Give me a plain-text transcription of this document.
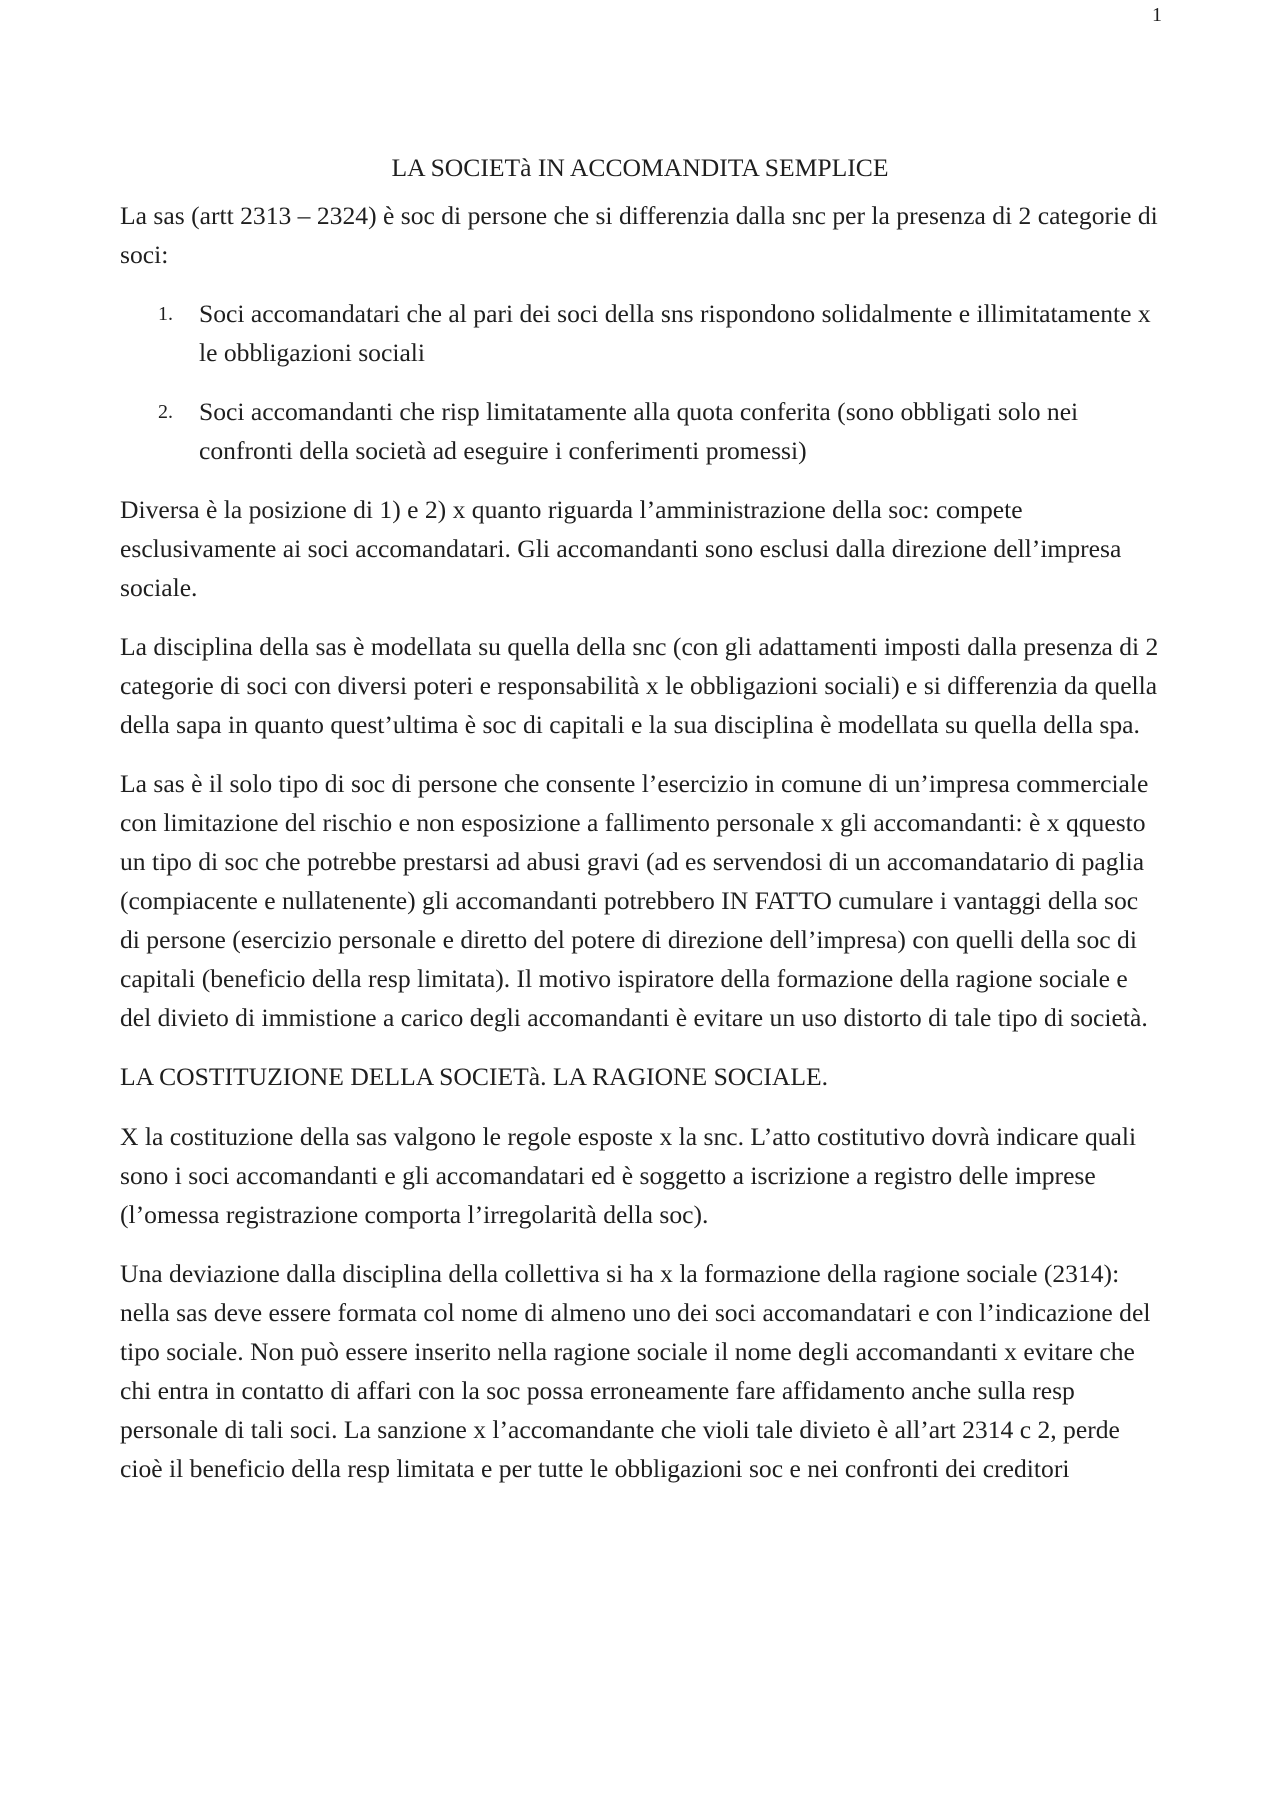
1
LA SOCIETà IN ACCOMANDITA SEMPLICE

La sas (artt 2313 – 2324) è soc di persone che si differenzia dalla snc per la presenza di 2 categorie di soci:

1. Soci accomandatari che al pari dei soci della sns rispondono solidalmente e illimitatamente x le obbligazioni sociali
2. Soci accomandanti che risp limitatamente alla quota conferita (sono obbligati solo nei confronti della società ad eseguire i conferimenti promessi)

Diversa è la posizione di 1) e 2) x quanto riguarda l’amministrazione della soc: compete esclusivamente ai soci accomandatari. Gli accomandanti sono esclusi dalla direzione dell’impresa sociale.

La disciplina della sas è modellata su quella della snc (con gli adattamenti imposti dalla presenza di 2 categorie di soci con diversi poteri e responsabilità x le obbligazioni sociali) e si differenzia da quella della sapa in quanto quest’ultima è soc di capitali e la sua disciplina è modellata su quella della spa.

La sas è il solo tipo di soc di persone che consente l’esercizio in comune di un’impresa commerciale con limitazione del rischio e non esposizione a fallimento personale x gli accomandanti: è x qquesto un tipo di soc che potrebbe prestarsi ad abusi gravi (ad es servendosi di un accomandatario di paglia (compiacente e nullatenente) gli accomandanti potrebbero IN FATTO cumulare i vantaggi della soc di persone (esercizio personale e diretto del potere di direzione dell’impresa) con quelli della soc di capitali (beneficio della resp limitata). Il motivo ispiratore della formazione della ragione sociale e del divieto di immistione a carico degli accomandanti è evitare un uso distorto di tale tipo di società.

LA COSTITUZIONE DELLA SOCIETà. LA RAGIONE SOCIALE.

X la costituzione della sas valgono le regole esposte x la snc. L’atto costitutivo dovrà indicare quali sono i soci accomandanti e gli accomandatari ed è soggetto a iscrizione a registro delle imprese (l’omessa registrazione comporta l’irregolarità della soc).

Una deviazione dalla disciplina della collettiva si ha x la formazione della ragione sociale (2314): nella sas deve essere formata col nome di almeno uno dei soci accomandatari e con l’indicazione del tipo sociale. Non può essere inserito nella ragione sociale il nome degli accomandanti x evitare che chi entra in contatto di affari con la soc possa erroneamente fare affidamento anche sulla resp personale di tali soci. La sanzione x l’accomandante che violi tale divieto è all’art 2314 c 2, perde cioè il beneficio della resp limitata e per tutte le obbligazioni soc e nei confronti dei creditori
